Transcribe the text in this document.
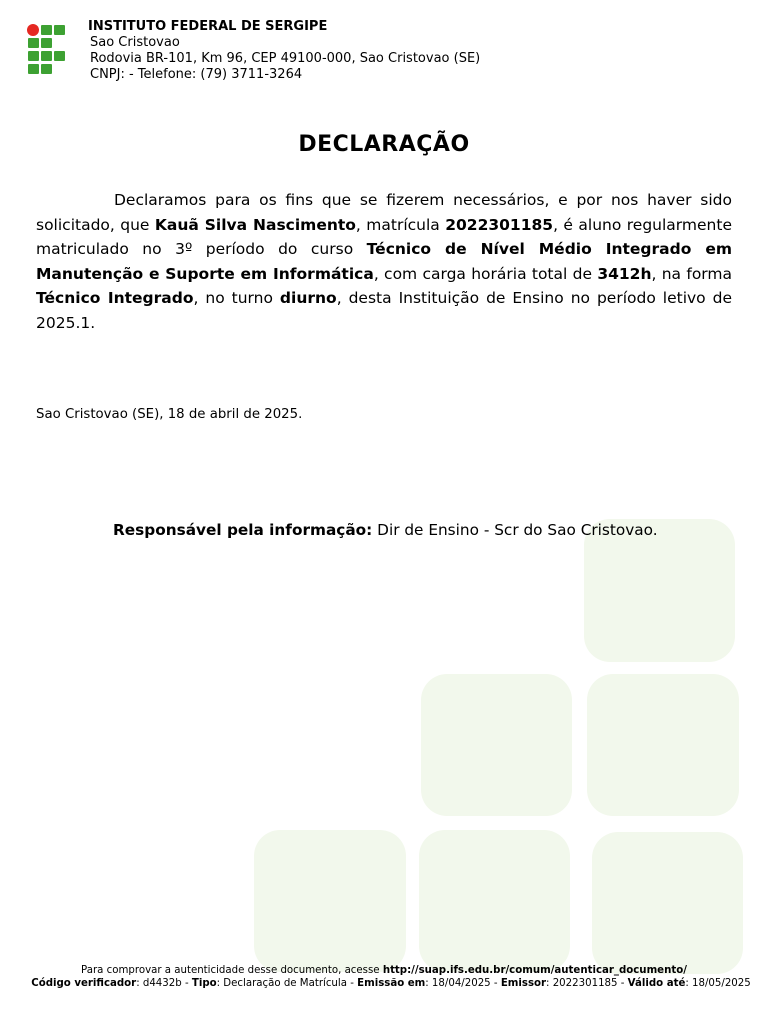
INSTITUTO FEDERAL DE SERGIPE
Sao Cristovao
Rodovia BR-101, Km 96, CEP 49100-000, Sao Cristovao (SE)
CNPJ: - Telefone: (79) 3711-3264
DECLARAÇÃO
Declaramos para os fins que se fizerem necessários, e por nos haver sido solicitado, que Kauã Silva Nascimento, matrícula 2022301185, é aluno regularmente matriculado no 3º período do curso Técnico de Nível Médio Integrado em Manutenção e Suporte em Informática, com carga horária total de 3412h, na forma Técnico Integrado, no turno diurno, desta Instituição de Ensino no período letivo de 2025.1.
Sao Cristovao (SE), 18 de abril de 2025.
Responsável pela informação: Dir de Ensino - Scr do Sao Cristovao.
Para comprovar a autenticidade desse documento, acesse http://suap.ifs.edu.br/comum/autenticar_documento/
Código verificador: d4432b - Tipo: Declaração de Matrícula - Emissão em: 18/04/2025 - Emissor: 2022301185 - Válido até: 18/05/2025
